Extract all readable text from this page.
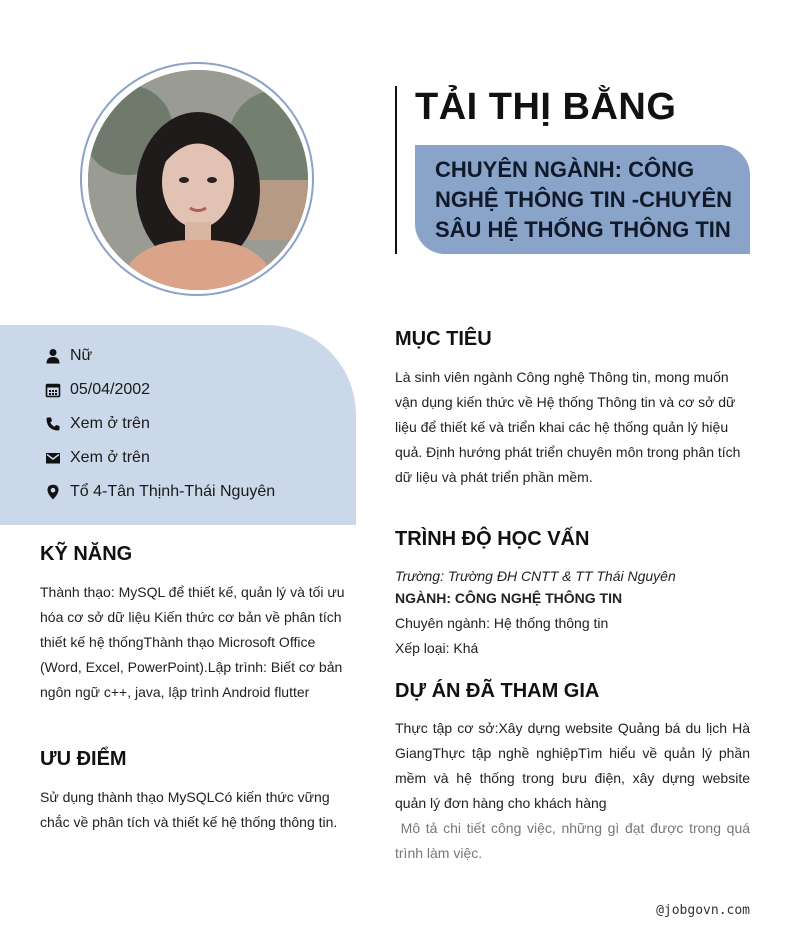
TẢI THỊ BẰNG
CHUYÊN NGÀNH: CÔNG NGHỆ THÔNG TIN -CHUYÊN SÂU HỆ THỐNG THÔNG TIN
Nữ
05/04/2002
Xem ở trên
Xem ở trên
Tổ 4-Tân Thịnh-Thái Nguyên
KỸ NĂNG
Thành thạo: MySQL để thiết kế, quản lý và tối ưu hóa cơ sở dữ liệu Kiến thức cơ bản về phân tích thiết kế hệ thốngThành thạo Microsoft Office (Word, Excel, PowerPoint).Lập trình: Biết cơ bản ngôn ngữ c++, java, lập trình Android flutter
ƯU ĐIỂM
Sử dụng thành thạo MySQLCó kiến thức vững chắc về phân tích và thiết kế hệ thống thông tin.
MỤC TIÊU
Là sinh viên ngành Công nghệ Thông tin, mong muốn vận dụng kiến thức về Hệ thống Thông tin và cơ sở dữ liệu để thiết kế và triển khai các hệ thống quản lý hiệu quả. Định hướng phát triển chuyên môn trong phân tích dữ liệu và phát triển phần mềm.
TRÌNH ĐỘ HỌC VẤN
Trường: Trường ĐH CNTT & TT Thái Nguyên
NGÀNH: CÔNG NGHỆ THÔNG TIN
Chuyên ngành: Hệ thống thông tin
Xếp loại: Khá
DỰ ÁN ĐÃ THAM GIA
Thực tập cơ sở:Xây dựng website Quảng bá du lịch Hà GiangThực tập nghề nghiệpTìm hiểu về quản lý phần mềm và hệ thống trong bưu điện, xây dựng website quản lý đơn hàng cho khách hàng
Mô tả chi tiết công việc, những gì đạt được trong quá trình làm việc.
@jobgovn.com
